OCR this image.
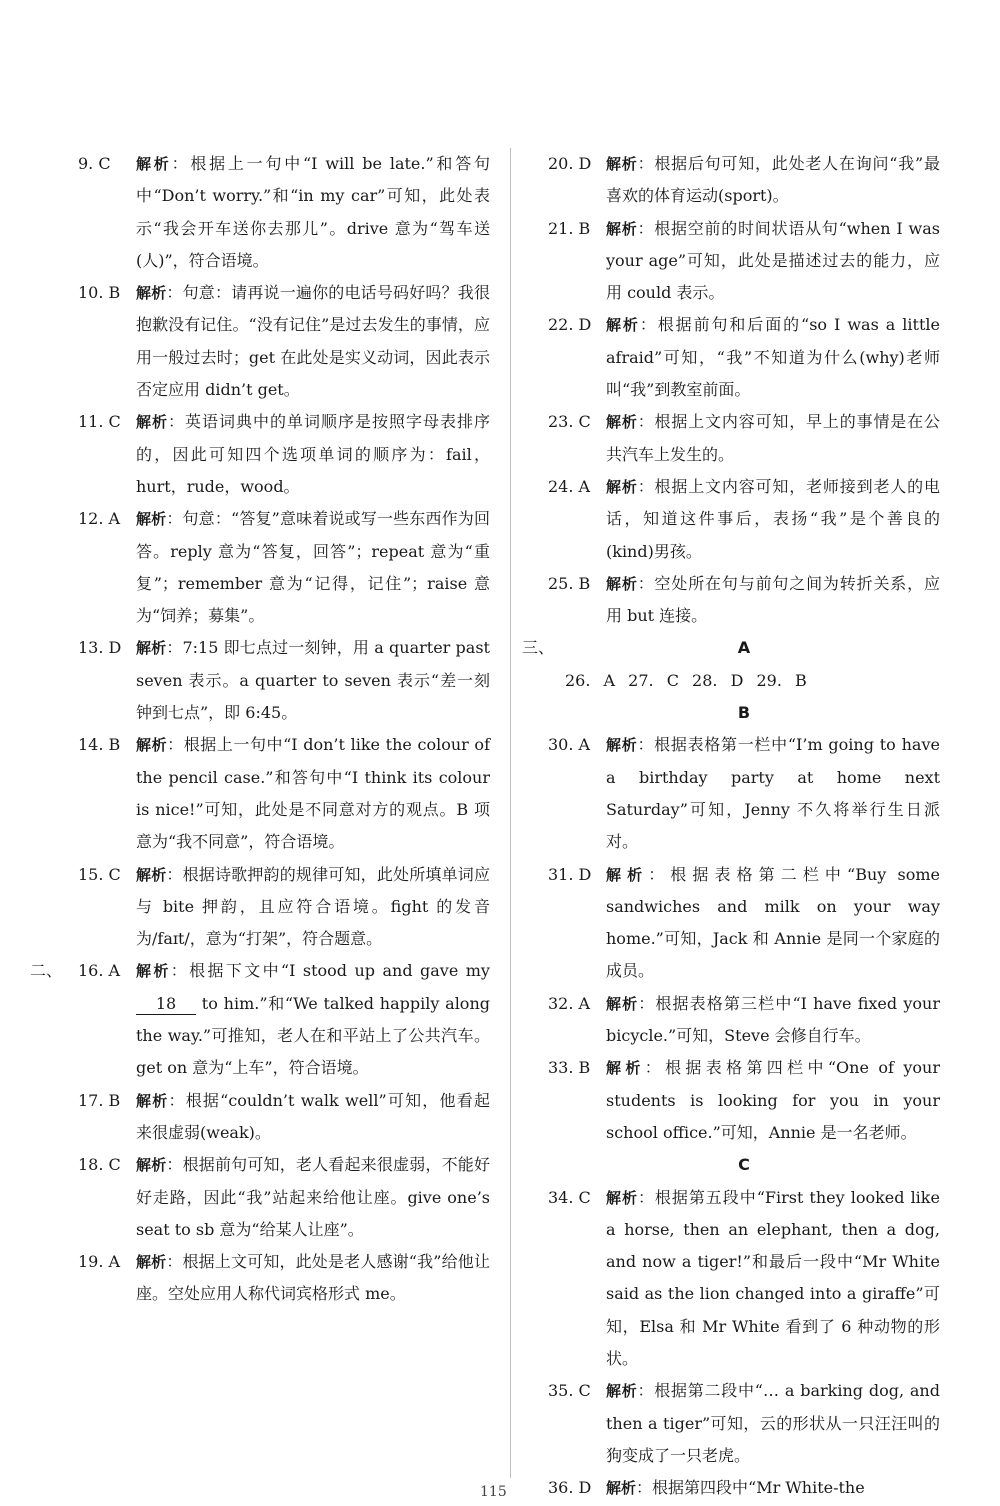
9. C 解析：根据上一句中“I will be late.”和答句中“Don’t worry.”和“in my car”可知，此处表示“我会开车送你去那儿”。drive 意为“驾车送(人)”，符合语境。
10. B 解析：句意：请再说一遍你的电话号码好吗？我很抱歉没有记住。“没有记住”是过去发生的事情，应用一般过去时；get 在此处是实义动词，因此表示否定应用 didn’t get。
11. C 解析：英语词典中的单词顺序是按照字母表排序的，因此可知四个选项单词的顺序为：fail，hurt，rude，wood。
12. A 解析：句意：“答复”意味着说或写一些东西作为回答。reply 意为“答复，回答”；repeat 意为“重复”；remember 意为“记得，记住”；raise 意为“饲养；募集”。
13. D 解析：7:15 即七点过一刻钟，用 a quarter past seven 表示。a quarter to seven 表示“差一刻钟到七点”，即 6:45。
14. B 解析：根据上一句中“I don’t like the colour of the pencil case.”和答句中“I think its colour is nice!”可知，此处是不同意对方的观点。B 项意为“我不同意”，符合语境。
15. C 解析：根据诗歌押韵的规律可知，此处所填单词应与 bite 押韵，且应符合语境。fight 的发音为/faɪt/，意为“打架”，符合题意。
二、 16. A 解析：根据下文中“I stood up and gave my 18 to him.”和“We talked happily along the way.”可推知，老人在和平站上了公共汽车。get on 意为“上车”，符合语境。
17. B 解析：根据“couldn’t walk well”可知，他看起来很虚弱(weak)。
18. C 解析：根据前句可知，老人看起来很虚弱，不能好好走路，因此“我”站起来给他让座。give one’s seat to sb 意为“给某人让座”。
19. A 解析：根据上文可知，此处是老人感谢“我”给他让座。空处应用人称代词宾格形式 me。
20. D 解析：根据后句可知，此处老人在询问“我”最喜欢的体育运动(sport)。
21. B 解析：根据空前的时间状语从句“when I was your age”可知，此处是描述过去的能力，应用 could 表示。
22. D 解析：根据前句和后面的“so I was a little afraid”可知，“我”不知道为什么(why)老师叫“我”到教室前面。
23. C 解析：根据上文内容可知，早上的事情是在公共汽车上发生的。
24. A 解析：根据上文内容可知，老师接到老人的电话，知道这件事后，表扬“我”是个善良的(kind)男孩。
25. B 解析：空处所在句与前句之间为转折关系，应用 but 连接。
三、	A
26. A 27. C 28. D 29. B
B
30. A 解析：根据表格第一栏中“I’m going to have a birthday party at home next Saturday”可知，Jenny 不久将举行生日派对。
31. D 解析：根据表格第二栏中“Buy some sandwiches and milk on your way home.”可知，Jack 和 Annie 是同一个家庭的成员。
32. A 解析：根据表格第三栏中“I have fixed your bicycle.”可知，Steve 会修自行车。
33. B 解析：根据表格第四栏中“One of your students is looking for you in your school office.”可知，Annie 是一名老师。
C
34. C 解析：根据第五段中“First they looked like a horse, then an elephant, then a dog, and now a tiger!”和最后一段中“Mr White said as the lion changed into a giraffe”可知，Elsa 和 Mr White 看到了 6 种动物的形状。
35. C 解析：根据第二段中“… a barking dog, and then a tiger”可知，云的形状从一只汪汪叫的狗变成了一只老虎。
36. D 解析：根据第四段中“Mr White-the
115
